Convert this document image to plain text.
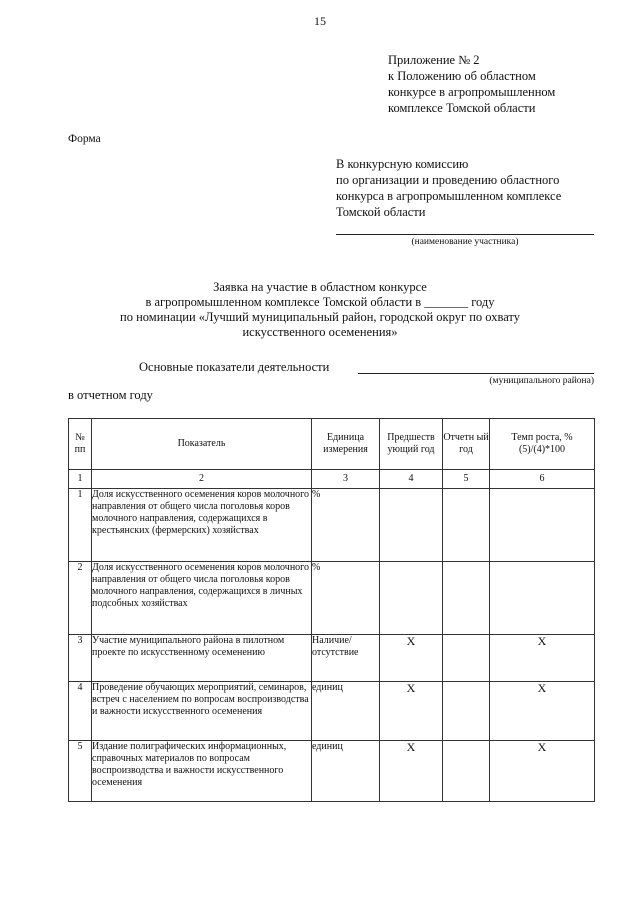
15
Приложение № 2
к Положению об областном
конкурсе в агропромышленном
комплексе Томской области
Форма
В конкурсную комиссию
по организации и проведению областного
конкурса в агропромышленном комплексе
Томской области
(наименование участника)
Заявка на участие в областном конкурсе
в агропромышленном комплексе Томской области в _______ году
по номинации «Лучший муниципальный район, городской округ по охвату
искусственного осеменения»
Основные показатели деятельности
(муниципального района)
в отчетном году
№ пп	Показатель	Единица измерения	Предшеств ующий год	Отчетн ый год	Темп роста, % (5)/(4)*100
1	2	3	4	5	6
1	Доля искусственного осеменения коров молочного направления от общего числа поголовья коров молочного направления, содержащихся в крестьянских (фермерских) хозяйствах	%			
2	Доля искусственного осеменения коров молочного направления от общего числа поголовья коров молочного направления, содержащихся в личных подсобных хозяйствах	%			
3	Участие муниципального района в пилотном проекте по искусственному осеменению	Наличие/ отсутствие	Х		Х
4	Проведение обучающих мероприятий, семинаров, встреч с населением по вопросам воспроизводства и важности искусственного осеменения	единиц	Х		Х
5	Издание полиграфических информационных, справочных материалов по вопросам воспроизводства и важности искусственного осеменения	единиц	Х		Х
